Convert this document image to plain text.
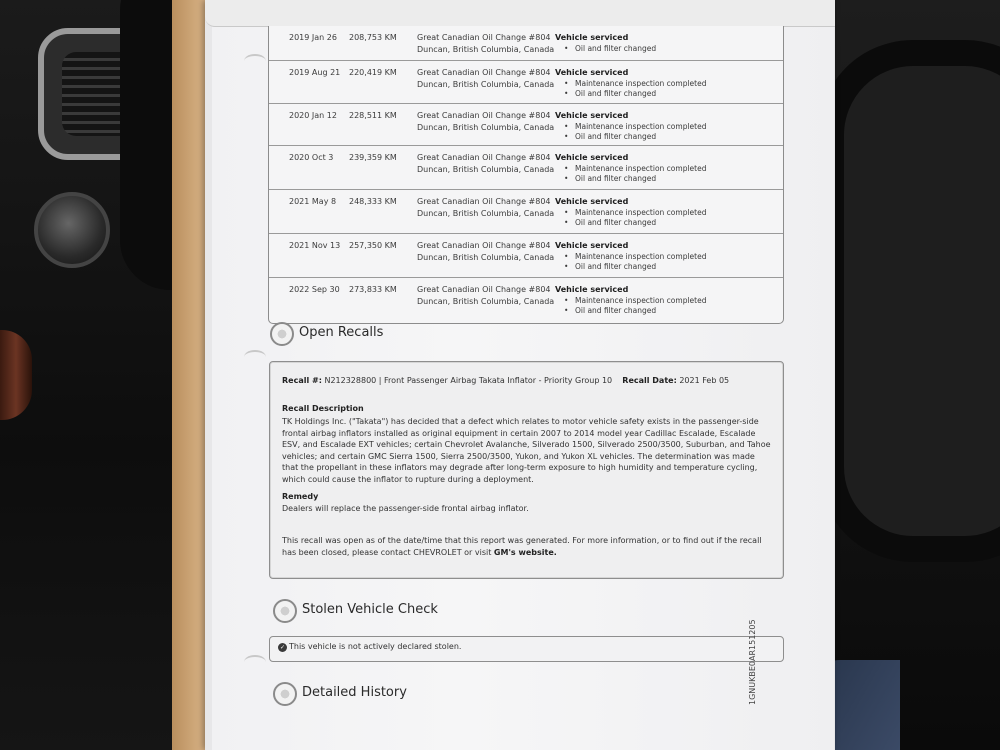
2019 Jan 26 208,753 KM	Great Canadian Oil Change #804
Duncan, British Columbia, Canada
Vehicle serviced
• Oil and filter changed
2019 Aug 21 220,419 KM	Great Canadian Oil Change #804
Duncan, British Columbia, Canada
Vehicle serviced
• Maintenance inspection completed
• Oil and filter changed
2020 Jan 12 228,511 KM	Great Canadian Oil Change #804
Duncan, British Columbia, Canada
Vehicle serviced
• Maintenance inspection completed
• Oil and filter changed
2020 Oct 3 239,359 KM	Great Canadian Oil Change #804
Duncan, British Columbia, Canada
Vehicle serviced
• Maintenance inspection completed
• Oil and filter changed
2021 May 8 248,333 KM	Great Canadian Oil Change #804
Duncan, British Columbia, Canada
Vehicle serviced
• Maintenance inspection completed
• Oil and filter changed
2021 Nov 13 257,350 KM	Great Canadian Oil Change #804
Duncan, British Columbia, Canada
Vehicle serviced
• Maintenance inspection completed
• Oil and filter changed
2022 Sep 30 273,833 KM	Great Canadian Oil Change #804
Duncan, British Columbia, Canada
Vehicle serviced
• Maintenance inspection completed
• Oil and filter changed
Open Recalls
Recall #: N212328800 | Front Passenger Airbag Takata Inflator - Priority Group 10 Recall Date: 2021 Feb 05
Recall Description
TK Holdings Inc. ("Takata") has decided that a defect which relates to motor vehicle safety exists in the passenger-side frontal airbag inflators installed as original equipment in certain 2007 to 2014 model year Cadillac Escalade, Escalade ESV, and Escalade EXT vehicles; certain Chevrolet Avalanche, Silverado 1500, Silverado 2500/3500, Suburban, and Tahoe vehicles; and certain GMC Sierra 1500, Sierra 2500/3500, Yukon, and Yukon XL vehicles. The determination was made that the propellant in these inflators may degrade after long-term exposure to high humidity and temperature cycling, which could cause the inflator to rupture during a deployment.
Remedy
Dealers will replace the passenger-side frontal airbag inflator.
This recall was open as of the date/time that this report was generated. For more information, or to find out if the recall has been closed, please contact CHEVROLET or visit GM's website.
Stolen Vehicle Check
✓ This vehicle is not actively declared stolen.
Detailed History	1GNUKBE0AR151205
